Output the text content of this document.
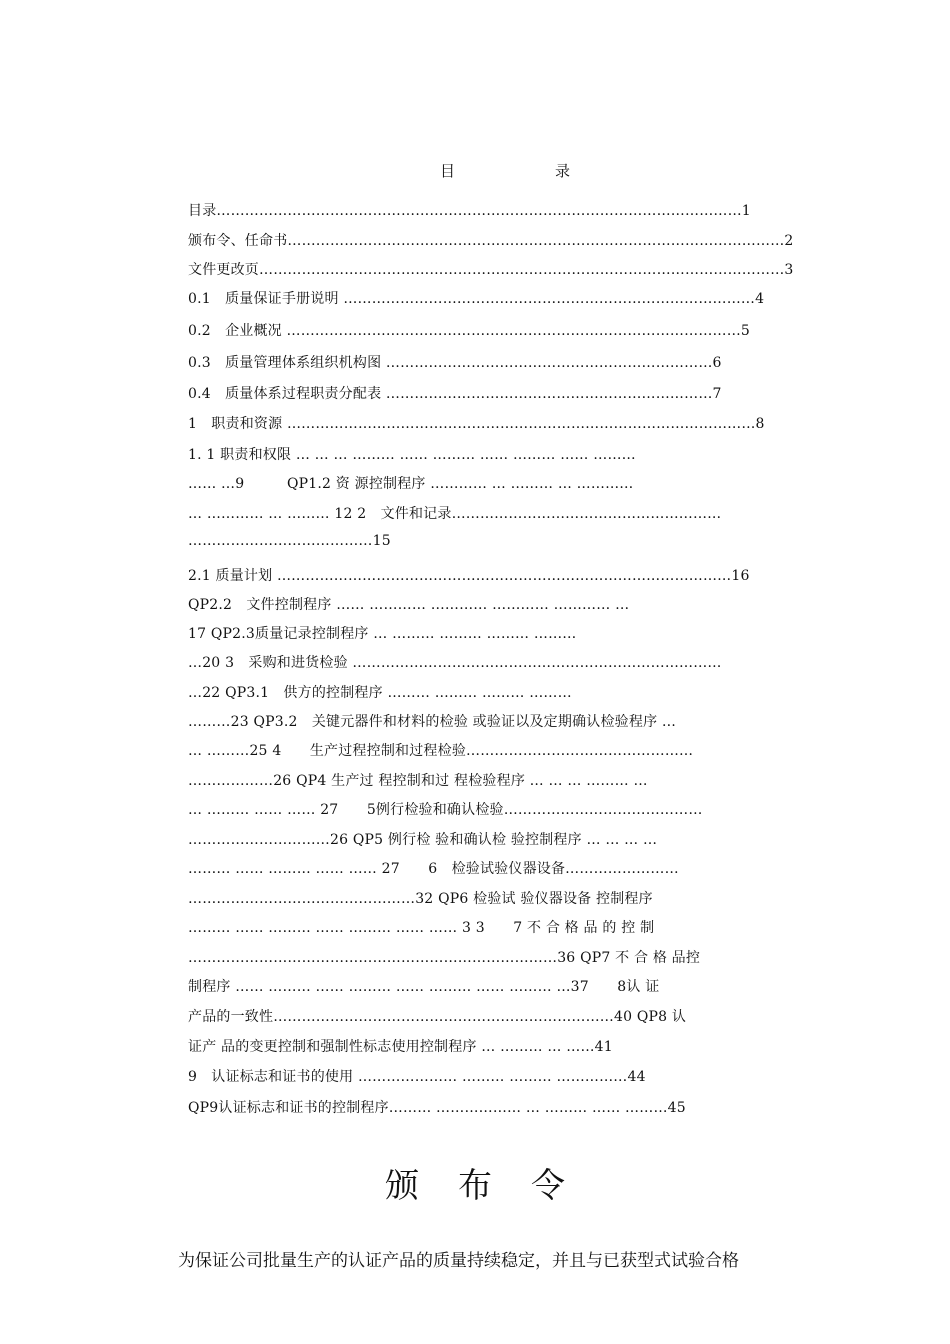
目	录
目录…………………………………………………………………………………………………1
颁布令、任命书……………………………………………………………………………………………2
文件更改页…………………………………………………………………………………………………3
0.1　质量保证手册说明 ……………………………………………………………………………4
0.2　企业概况 ……………………………………………………………………………………5
0.3　质量管理体系组织机构图 ……………………………………………………………6
0.4　质量体系过程职责分配表 ……………………………………………………………7
1　职责和资源 ………………………………………………………………………………………8
1. 1 职责和权限 … … … ……… …… ……… …… ……… …… ………
…… …9　　　QP1.2 资 源控制程序 ………… … ……… … …………
… ………… … ……… 12 2　文件和记录…………………………………………………
…………………………………15
2.1 质量计划 ……………………………………………………………………………………16
QP2.2　文件控制程序 …… ………… ………… ………… ………… …
17 QP2.3质量记录控制程序 … ……… ……… ……… ………
…20 3　采购和进货检验 ……………………………………………………………………
…22 QP3.1　供方的控制程序 ……… ……… ……… ………
………23 QP3.2　关键元器件和材料的检验 或验证以及定期确认检验程序 …
… ………25 4　　生产过程控制和过程检验…………………………………………
………………26 QP4 生产过 程控制和过 程检验程序 … … … ……… …
… ……… …… …… 27　　5例行检验和确认检验……………………………………
…………………………26 QP5 例行检 验和确认检 验控制程序 … … … …
……… …… ……… …… …… 27　　6　检验试验仪器设备……………………
…………………………………………32 QP6 检验试 验仪器设备 控制程序
……… …… ……… …… ……… …… …… 3 3　　7 不 合 格 品 的 控 制
……………………………………………………………………36 QP7 不 合 格 品控
制程序 …… ……… …… ……… …… ……… …… ……… …37　　8认 证
产品的一致性………………………………………………………………40 QP8 认
证产 品的变更控制和强制性标志使用控制程序 … ……… … ……41
9　认证标志和证书的使用 ………………… ……… ……… ……………44
QP9认证标志和证书的控制程序……… ……………… … ……… …… ………45
颁 布 令
为保证公司批量生产的认证产品的质量持续稳定，并且与已获型式试验合格
